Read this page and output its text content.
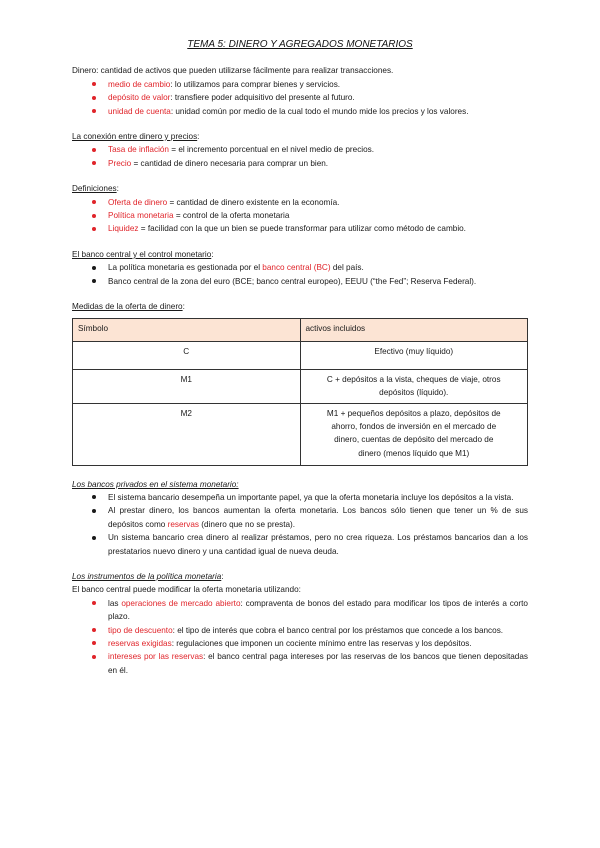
TEMA 5: DINERO Y AGREGADOS MONETARIOS

Dinero: cantidad de activos que pueden utilizarse fácilmente para realizar transacciones.

medio de cambio: lo utilizamos para comprar bienes y servicios.
depósito de valor: transfiere poder adquisitivo del presente al futuro.
unidad de cuenta: unidad común por medio de la cual todo el mundo mide los precios y los valores.

La conexión entre dinero y precios:

Tasa de inflación = el incremento porcentual en el nivel medio de precios.
Precio = cantidad de dinero necesaria para comprar un bien.

Definiciones:

Oferta de dinero = cantidad de dinero existente en la economía.
Política monetaria = control de la oferta monetaria
Liquidez = facilidad con la que un bien se puede transformar para utilizar como método de cambio.

El banco central y el control monetario:

La política monetaria es gestionada por el banco central (BC) del país.
Banco central de la zona del euro (BCE; banco central europeo), EEUU (“the Fed”; Reserva Federal).

Medidas de la oferta de dinero:

Símbolo	activos incluidos
C	Efectivo (muy líquido)
M1	C + depósitos a la vista, cheques de viaje, otros depósitos (líquido).
M2	M1 + pequeños depósitos a plazo, depósitos de ahorro, fondos de inversión en el mercado de dinero, cuentas de depósito del mercado de dinero (menos líquido que M1)

Los bancos privados en el sistema monetario:

El sistema bancario desempeña un importante papel, ya que la oferta monetaria incluye los depósitos a la vista.
Al prestar dinero, los bancos aumentan la oferta monetaria. Los bancos sólo tienen que tener un % de sus depósitos como reservas (dinero que no se presta).
Un sistema bancario crea dinero al realizar préstamos, pero no crea riqueza. Los préstamos bancarios dan a los prestatarios nuevo dinero y una cantidad igual de nueva deuda.

Los instrumentos de la política monetaria:

El banco central puede modificar la oferta monetaria utilizando:

las operaciones de mercado abierto: compraventa de bonos del estado para modificar los tipos de interés a corto plazo.
tipo de descuento: el tipo de interés que cobra el banco central por los préstamos que concede a los bancos.
reservas exigidas: regulaciones que imponen un cociente mínimo entre las reservas y los depósitos.
intereses por las reservas: el banco central paga intereses por las reservas de los bancos que tienen depositadas en él.
